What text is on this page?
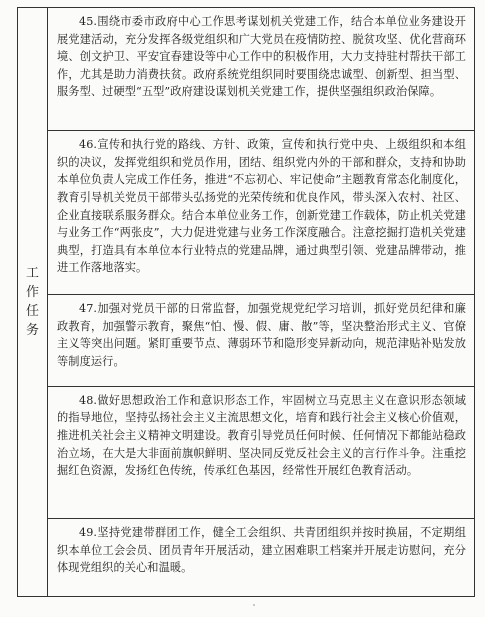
工作任务	

45.围绕市委市政府中心工作思考谋划机关党建工作，结合本单位业务建设开展党建活动，充分发挥各级党组织和广大党员在疫情防控、脱贫攻坚、优化营商环境、创文护卫、平安宜春建设等中心工作中的积极作用，大力支持驻村帮扶干部工作，尤其是助力消费扶贫。政府系统党组织同时要围绕忠诚型、创新型、担当型、服务型、过硬型“五型”政府建设谋划机关党建工作，提供坚强组织政治保障。

46.宣传和执行党的路线、方针、政策，宣传和执行党中央、上级组织和本组织的决议，发挥党组织和党员作用，团结、组织党内外的干部和群众，支持和协助本单位负责人完成工作任务，推进“不忘初心、牢记使命”主题教育常态化制度化，教育引导机关党员干部带头弘扬党的光荣传统和优良作风，带头深入农村、社区、企业直接联系服务群众。结合本单位业务工作，创新党建工作载体，防止机关党建与业务工作“两张皮”，大力促进党建与业务工作深度融合。注意挖掘打造机关党建典型，打造具有本单位本行业特点的党建品牌，通过典型引领、党建品牌带动，推进工作落地落实。

47.加强对党员干部的日常监督，加强党规党纪学习培训，抓好党员纪律和廉政教育，加强警示教育，聚焦“怕、慢、假、庸、散”等，坚决整治形式主义、官僚主义等突出问题。紧盯重要节点、薄弱环节和隐形变异新动向，规范津贴补贴发放等制度运行。

48.做好思想政治工作和意识形态工作，牢固树立马克思主义在意识形态领域的指导地位，坚持弘扬社会主义主流思想文化，培育和践行社会主义核心价值观，推进机关社会主义精神文明建设。教育引导党员任何时候、任何情况下都能站稳政治立场，在大是大非面前旗帜鲜明、坚决同反党反社会主义的言行作斗争。注重挖掘红色资源，发扬红色传统，传承红色基因，经常性开展红色教育活动。

49.坚持党建带群团工作，健全工会组织、共青团组织并按时换届，不定期组织本单位工会会员、团员青年开展活动，建立困难职工档案并开展走访慰问，充分体现党组织的关心和温暖。
